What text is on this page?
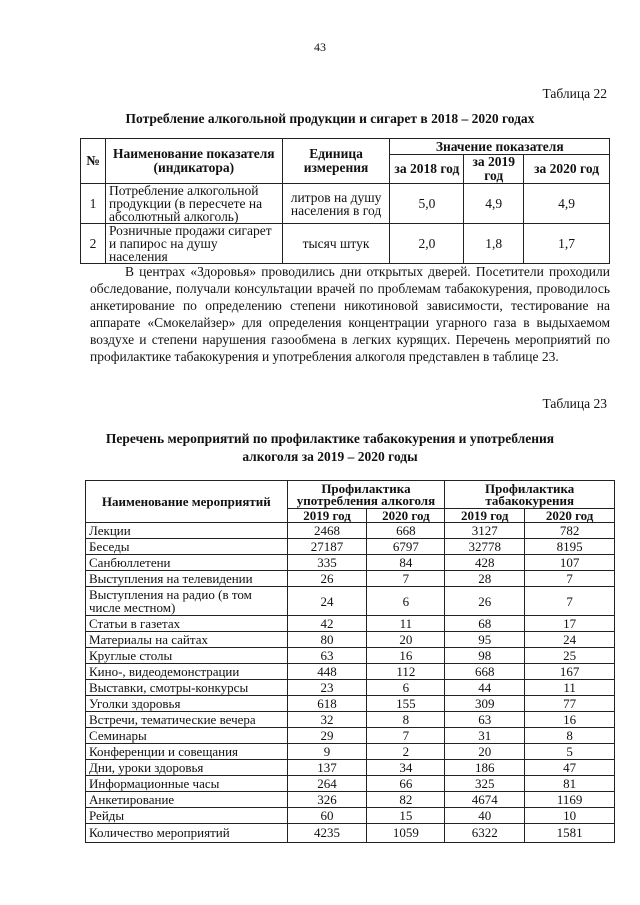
43
Таблица 22
Потребление алкогольной продукции и сигарет в 2018 – 2020 годах
№	Наименование показателя (индикатора)	Единица измерения	Значение показателя		
			за 2018 год	за 2019 год	за 2020 год
1	Потребление алкогольной продукции (в пересчете на абсолютный алкоголь)	литров на душу населения в год	5,0	4,9	4,9
2	Розничные продажи сигарет и папирос на душу населения	тысяч штук	2,0	1,8	1,7

В центрах «Здоровья» проводились дни открытых дверей. Посетители проходили обследование, получали консультации врачей по проблемам табакокурения, проводилось анкетирование по определению степени никотиновой зависимости, тестирование на аппарате «Смокелайзер» для определения концентрации угарного газа в выдыхаемом воздухе и степени нарушения газообмена в легких курящих. Перечень мероприятий по профилактике табакокурения и употребления алкоголя представлен в таблице 23.

Таблица 23
Перечень мероприятий по профилактике табакокурения и употребления
алкоголя за 2019 – 2020 годы
Наименование мероприятий	Профилактика употребления алкоголя		Профилактика табакокурения	
	2019 год	2020 год	2019 год	2020 год
Лекции	2468	668	3127	782
Беседы	27187	6797	32778	8195
Санбюллетени	335	84	428	107
Выступления на телевидении	26	7	28	7
Выступления на радио (в том числе местном)	24	6	26	7
Статьи в газетах	42	11	68	17
Материалы на сайтах	80	20	95	24
Круглые столы	63	16	98	25
Кино-, видеодемонстрации	448	112	668	167
Выставки, смотры-конкурсы	23	6	44	11
Уголки здоровья	618	155	309	77
Встречи, тематические вечера	32	8	63	16
Семинары	29	7	31	8
Конференции и совещания	9	2	20	5
Дни, уроки здоровья	137	34	186	47
Информационные часы	264	66	325	81
Анкетирование	326	82	4674	1169
Рейды	60	15	40	10
Количество мероприятий	4235	1059	6322	1581
